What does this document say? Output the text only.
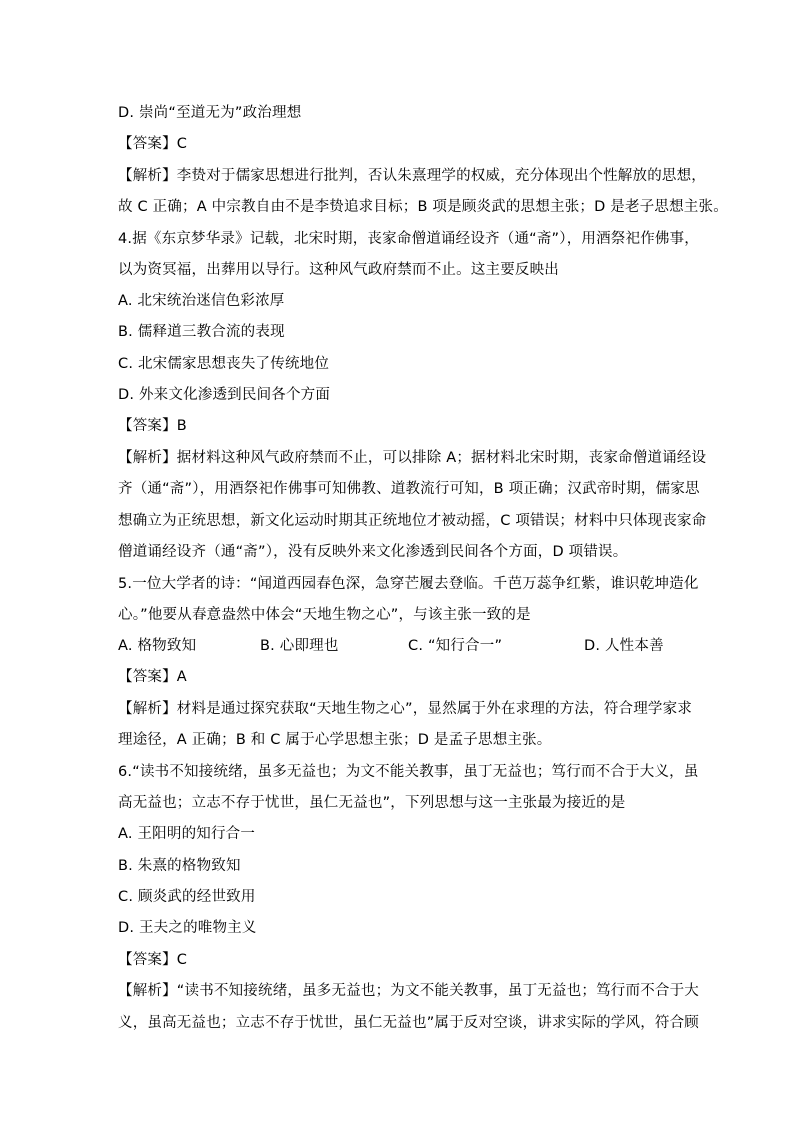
D. 崇尚“至道无为”政治理想
【答案】C
【解析】李贽对于儒家思想进行批判，否认朱熹理学的权威，充分体现出个性解放的思想，
故 C 正确；A 中宗教自由不是李贽追求目标；B 项是顾炎武的思想主张；D 是老子思想主张。
4.据《东京梦华录》记载，北宋时期，丧家命僧道诵经设齐（通“斋”），用酒祭祀作佛事，
以为资冥福，出葬用以导行。这种风气政府禁而不止。这主要反映出
A. 北宋统治迷信色彩浓厚
B. 儒释道三教合流的表现
C. 北宋儒家思想丧失了传统地位
D. 外来文化渗透到民间各个方面
【答案】B
【解析】据材料这种风气政府禁而不止，可以排除 A；据材料北宋时期，丧家命僧道诵经设
齐（通“斋”），用酒祭祀作佛事可知佛教、道教流行可知，B 项正确；汉武帝时期，儒家思
想确立为正统思想，新文化运动时期其正统地位才被动摇，C 项错误；材料中只体现丧家命
僧道诵经设齐（通“斋”），没有反映外来文化渗透到民间各个方面，D 项错误。
5.一位大学者的诗：“闻道西园春色深，急穿芒履去登临。千芭万蕊争红紫，谁识乾坤造化
心。”他要从春意盎然中体会“天地生物之心”，与该主张一致的是
A. 格物致知	B. 心即理也	C. “知行合一”	D. 人性本善
【答案】A
【解析】材料是通过探究获取“天地生物之心”，显然属于外在求理的方法，符合理学家求
理途径，A 正确；B 和 C 属于心学思想主张；D 是孟子思想主张。
6.“读书不知接统绪，虽多无益也；为文不能关教事，虽丁无益也；笃行而不合于大义，虽
高无益也；立志不存于忧世，虽仁无益也”，下列思想与这一主张最为接近的是
A. 王阳明的知行合一
B. 朱熹的格物致知
C. 顾炎武的经世致用
D. 王夫之的唯物主义
【答案】C
【解析】“读书不知接统绪，虽多无益也；为文不能关教事，虽丁无益也；笃行而不合于大
义，虽高无益也；立志不存于忧世，虽仁无益也”属于反对空谈，讲求实际的学风，符合顾
